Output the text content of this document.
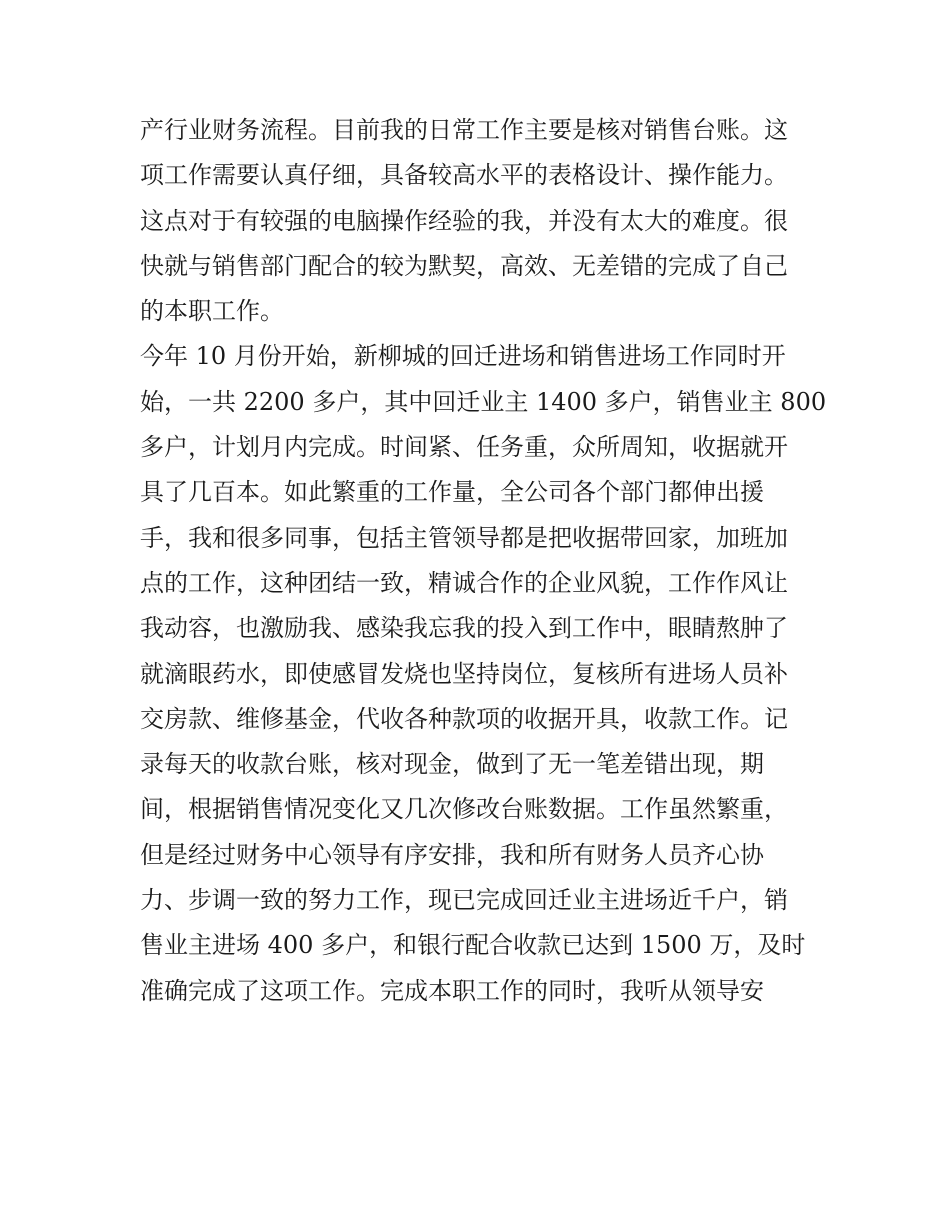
产行业财务流程。目前我的日常工作主要是核对销售台账。这
项工作需要认真仔细，具备较高水平的表格设计、操作能力。
这点对于有较强的电脑操作经验的我，并没有太大的难度。很
快就与销售部门配合的较为默契，高效、无差错的完成了自己
的本职工作。
今年 10 月份开始，新柳城的回迁进场和销售进场工作同时开
始，一共 2200 多户，其中回迁业主 1400 多户，销售业主 800
多户，计划月内完成。时间紧、任务重，众所周知，收据就开
具了几百本。如此繁重的工作量，全公司各个部门都伸出援
手，我和很多同事，包括主管领导都是把收据带回家，加班加
点的工作，这种团结一致，精诚合作的企业风貌，工作作风让
我动容，也激励我、感染我忘我的投入到工作中，眼睛熬肿了
就滴眼药水，即使感冒发烧也坚持岗位，复核所有进场人员补
交房款、维修基金，代收各种款项的收据开具，收款工作。记
录每天的收款台账，核对现金，做到了无一笔差错出现，期
间，根据销售情况变化又几次修改台账数据。工作虽然繁重，
但是经过财务中心领导有序安排，我和所有财务人员齐心协
力、步调一致的努力工作，现已完成回迁业主进场近千户，销
售业主进场 400 多户，和银行配合收款已达到 1500 万，及时
准确完成了这项工作。完成本职工作的同时，我听从领导安
